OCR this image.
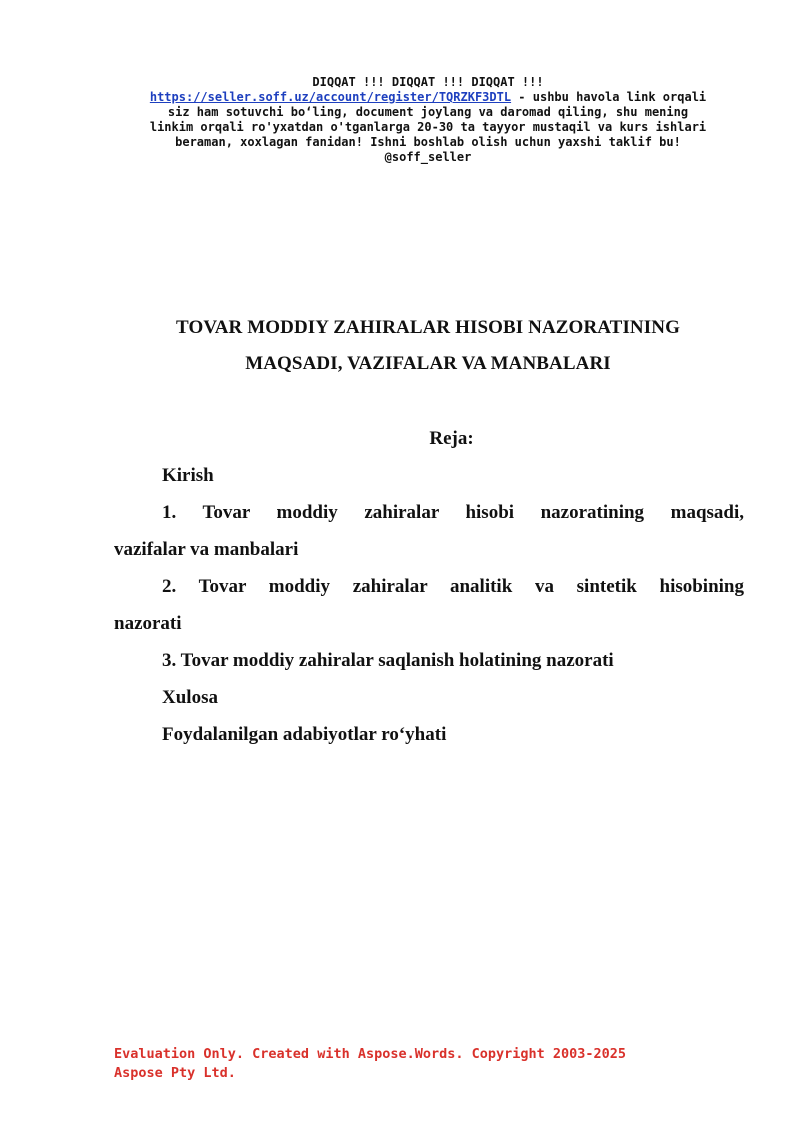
DIQQAT !!! DIQQAT !!! DIQQAT !!!
https://seller.soff.uz/account/register/TQRZKF3DTL - ushbu havola link orqali
siz ham sotuvchi bo‘ling, document joylang va daromad qiling, shu mening
linkim orqali ro'yxatdan o'tganlarga 20-30 ta tayyor mustaqil va kurs ishlari
beraman, xoxlagan fanidan! Ishni boshlab olish uchun yaxshi taklif bu!
@soff_seller
TOVAR MODDIY ZAHIRALAR HISOBI NAZORATINING
MAQSADI, VAZIFALAR VA MANBALARI
Reja:

Kirish

1. Tovar moddiy zahiralar hisobi nazoratining maqsadi,

vazifalar va manbalari

2. Tovar moddiy zahiralar analitik va sintetik hisobining

nazorati

3. Tovar moddiy zahiralar saqlanish holatining nazorati

Xulosa

Foydalanilgan adabiyotlar ro‘yhati

Evaluation Only. Created with Aspose.Words. Copyright 2003-2025
Aspose Pty Ltd.
